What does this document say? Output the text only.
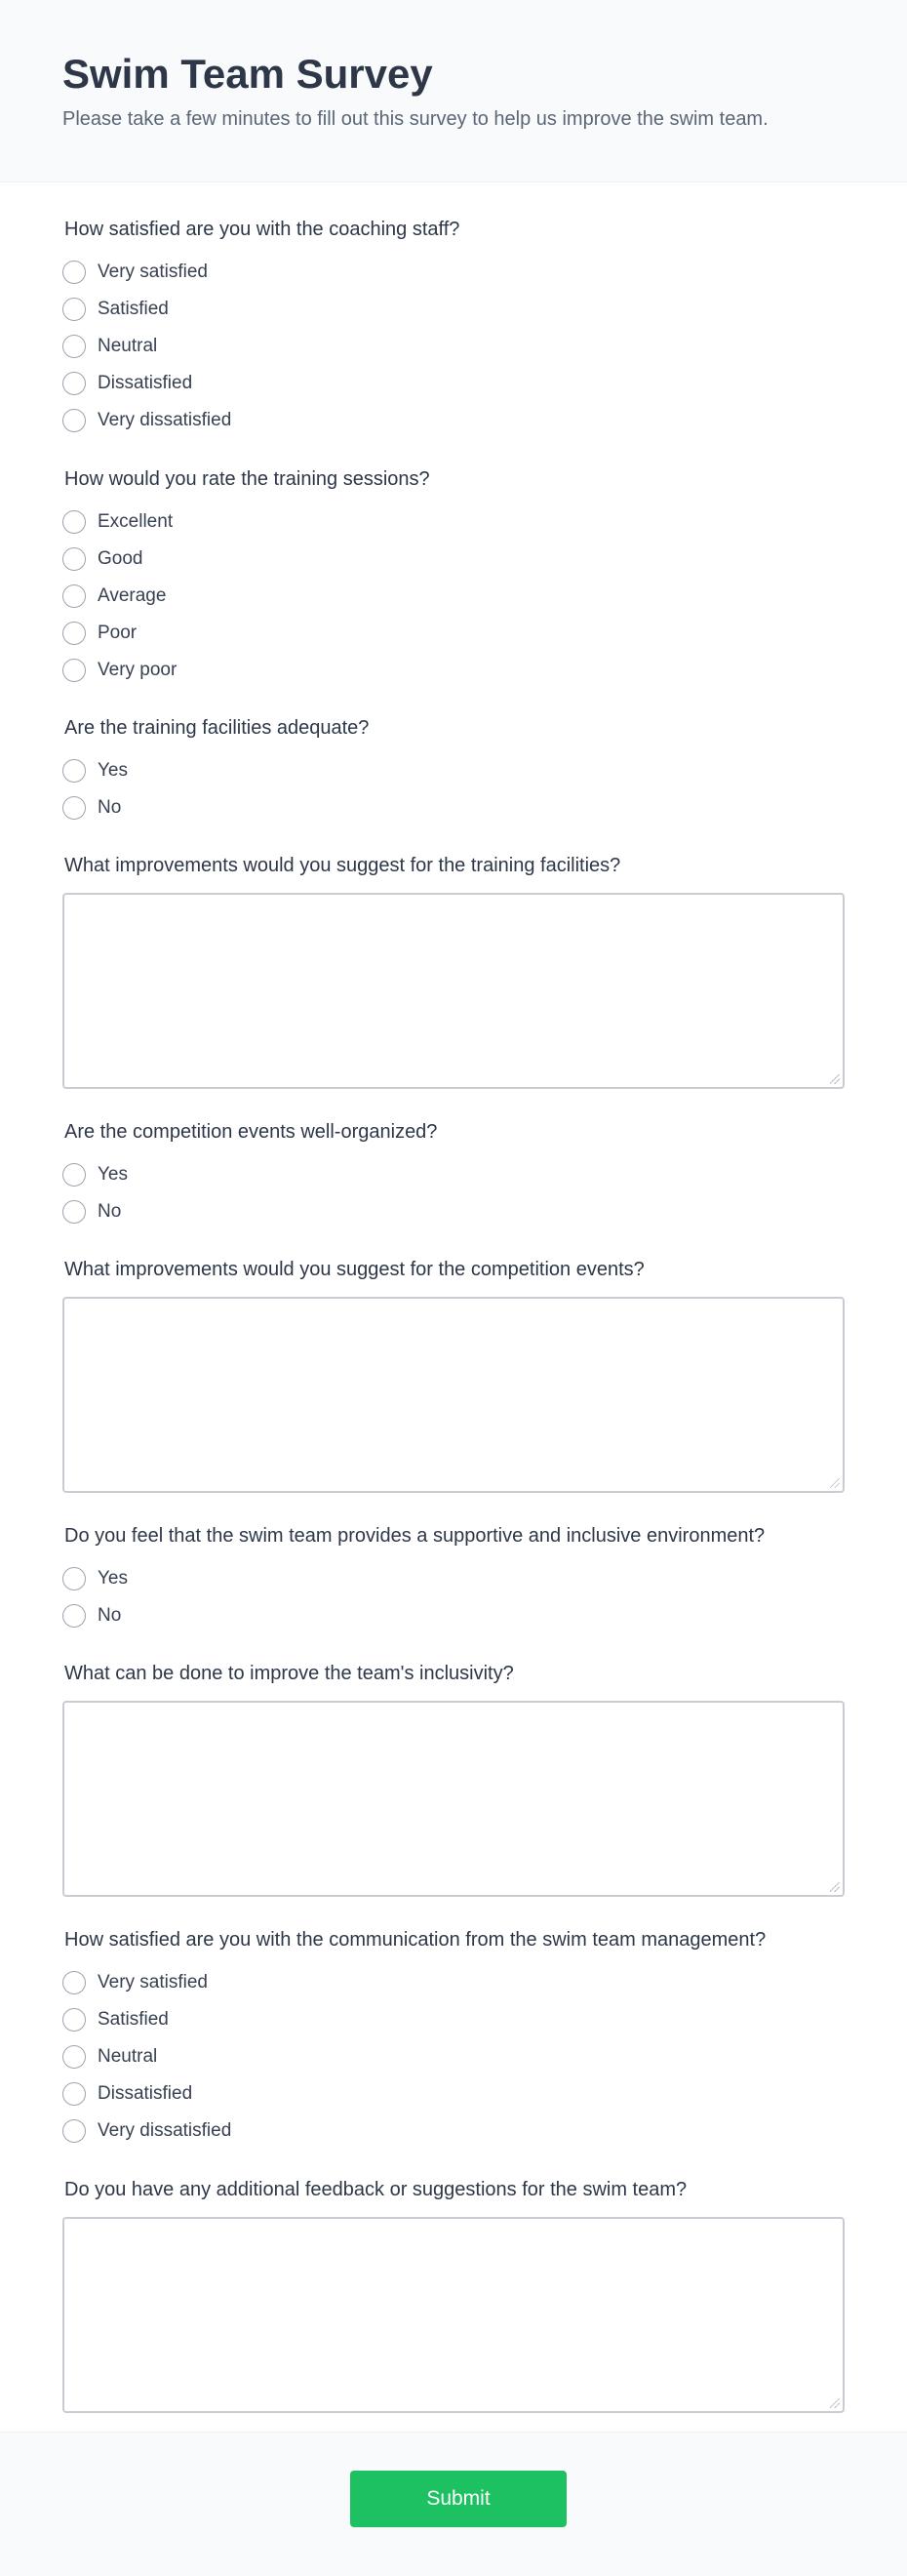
Swim Team Survey

Please take a few minutes to fill out this survey to help us improve the swim team.

How satisfied are you with the coaching staff?
Very satisfied
Satisfied
Neutral
Dissatisfied
Very dissatisfied
How would you rate the training sessions?
Excellent
Good
Average
Poor
Very poor
Are the training facilities adequate?
Yes
No
What improvements would you suggest for the training facilities?
Are the competition events well-organized?
Yes
No
What improvements would you suggest for the competition events?
Do you feel that the swim team provides a supportive and inclusive environment?
Yes
No
What can be done to improve the team's inclusivity?
How satisfied are you with the communication from the swim team management?
Very satisfied
Satisfied
Neutral
Dissatisfied
Very dissatisfied
Do you have any additional feedback or suggestions for the swim team?
Submit
